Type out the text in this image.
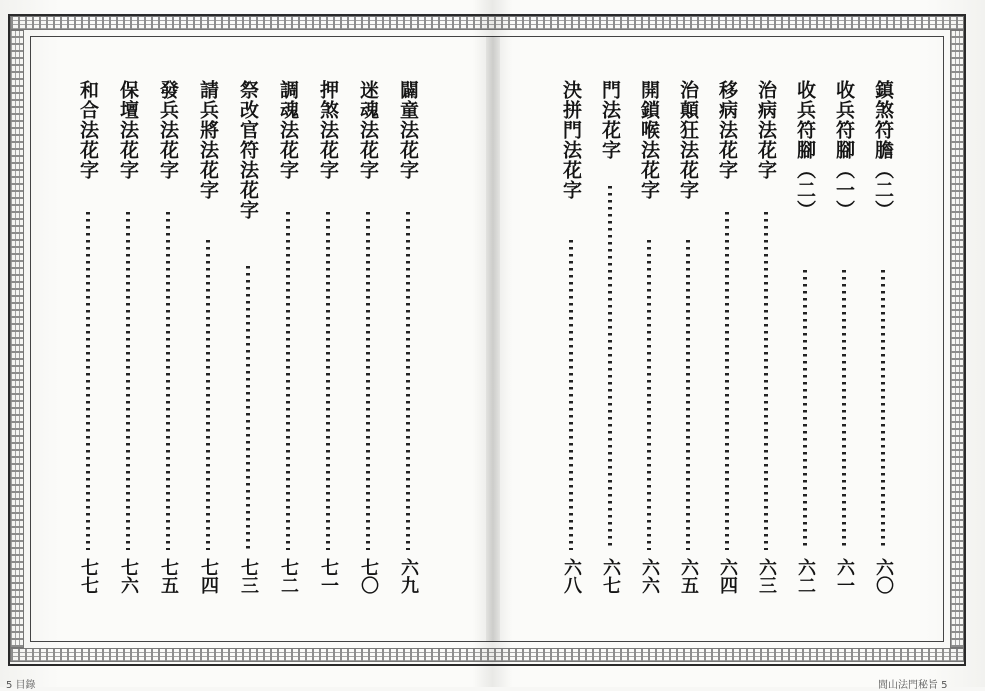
闢童法花字
六九
迷魂法花字
七〇
押煞法花字
七一
調魂法花字
七二
祭改官符法花字
七三
請兵將法花字
七四
發兵法花字
七五
保壇法花字
七六
和合法花字
七七
鎮煞符膽︵二︶
六〇
收兵符腳︵一︶
六一
收兵符腳︵二︶
六二
治病法花字
六三
移病法花字
六四
治顛狂法花字
六五
開鎖喉法花字
六六
門法花字
六七
決拼門法花字
六八
5 目錄	閭山法門秘旨 5
